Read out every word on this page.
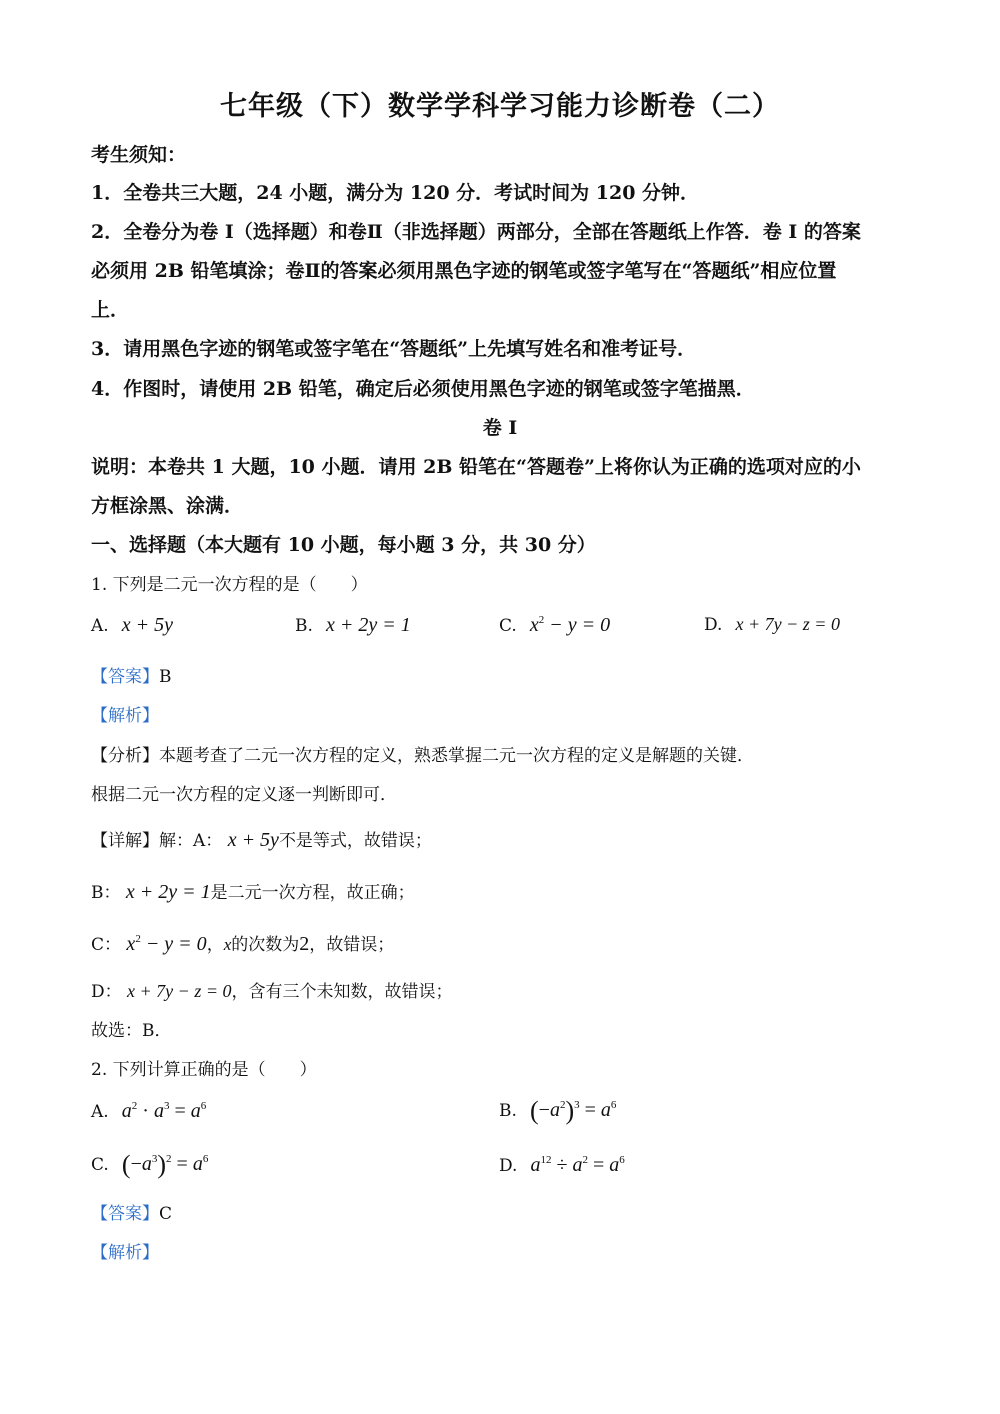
七年级（下）数学学科学习能力诊断卷（二）
考生须知：
1．全卷共三大题，24 小题，满分为 120 分．考试时间为 120 分钟．
2．全卷分为卷 I（选择题）和卷Ⅱ（非选择题）两部分，全部在答题纸上作答．卷 I 的答案
必须用 2B 铅笔填涂；卷Ⅱ的答案必须用黑色字迹的钢笔或签字笔写在“答题纸”相应位置
上．
3．请用黑色字迹的钢笔或签字笔在“答题纸”上先填写姓名和准考证号．
4．作图时，请使用 2B 铅笔，确定后必须使用黑色字迹的钢笔或签字笔描黑．
卷 I
说明：本卷共 1 大题，10 小题．请用 2B 铅笔在“答题卷”上将你认为正确的选项对应的小
方框涂黑、涂满．
一、选择题（本大题有 10 小题，每小题 3 分，共 30 分）
1. 下列是二元一次方程的是（　　）
A. x + 5y	B. x + 2y = 1	C. $x^2 - y = 0$	D. x + 7y − z = 0
【答案】B
【解析】
【分析】本题考查了二元一次方程的定义，熟悉掌握二元一次方程的定义是解题的关键．
根据二元一次方程的定义逐一判断即可．
【详解】解：A： x + 5y不是等式，故错误；
B： x + 2y = 1是二元一次方程，故正确；
C： $x^2 - y = 0$，x的次数为2，故错误；
D： x + 7y − z = 0，含有三个未知数，故错误；
故选：B．
2. 下列计算正确的是（　　）
A. $a^2 \cdot a^3 = a^6$	B. $(-a^2)^3 = a^6$
C. $(-a^3)^2 = a^6$	D. $a^{12} \div a^2 = a^6$
【答案】C
【解析】
